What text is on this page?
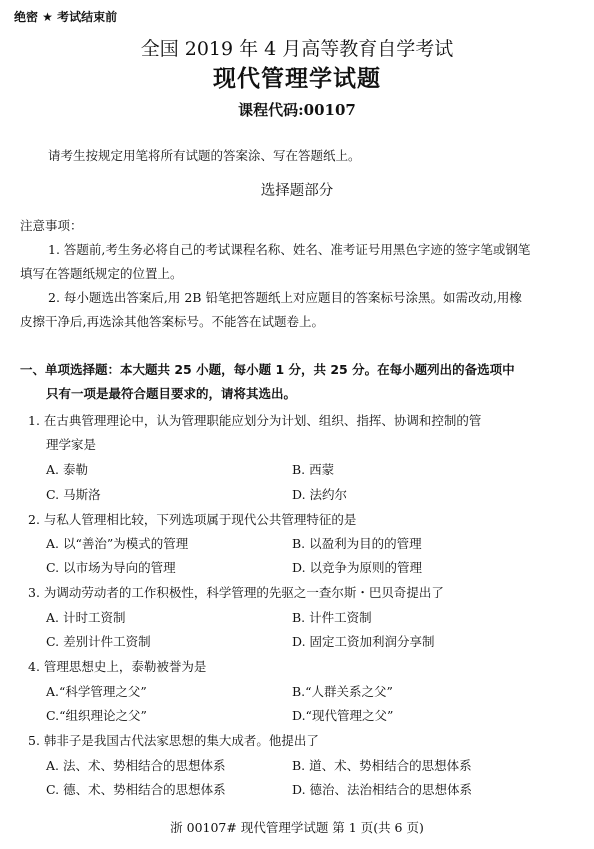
绝密 ★ 考试结束前
全国 2019 年 4 月高等教育自学考试
现代管理学试题
课程代码:00107
请考生按规定用笔将所有试题的答案涂、写在答题纸上。
选择题部分
注意事项：
1. 答题前,考生务必将自己的考试课程名称、姓名、准考证号用黑色字迹的签字笔或钢笔
填写在答题纸规定的位置上。
2. 每小题选出答案后,用 2B 铅笔把答题纸上对应题目的答案标号涂黑。如需改动,用橡
皮擦干净后,再选涂其他答案标号。不能答在试题卷上。
一、单项选择题：本大题共 25 小题，每小题 1 分，共 25 分。在每小题列出的备选项中
只有一项是最符合题目要求的，请将其选出。
1. 在古典管理理论中，认为管理职能应划分为计划、组织、指挥、协调和控制的管
理学家是
A. 泰勒	B. 西蒙
C. 马斯洛	D. 法约尔
2. 与私人管理相比较，下列选项属于现代公共管理特征的是
A. 以“善治”为模式的管理	B. 以盈利为目的的管理
C. 以市场为导向的管理	D. 以竞争为原则的管理
3. 为调动劳动者的工作积极性，科学管理的先驱之一查尔斯・巴贝奇提出了
A. 计时工资制	B. 计件工资制
C. 差别计件工资制	D. 固定工资加利润分享制
4. 管理思想史上，泰勒被誉为是
A.“科学管理之父”	B.“人群关系之父”
C.“组织理论之父”	D.“现代管理之父”
5. 韩非子是我国古代法家思想的集大成者。他提出了
A. 法、术、势相结合的思想体系	B. 道、术、势相结合的思想体系
C. 德、术、势相结合的思想体系	D. 德治、法治相结合的思想体系
浙 00107# 现代管理学试题 第 1 页(共 6 页)
